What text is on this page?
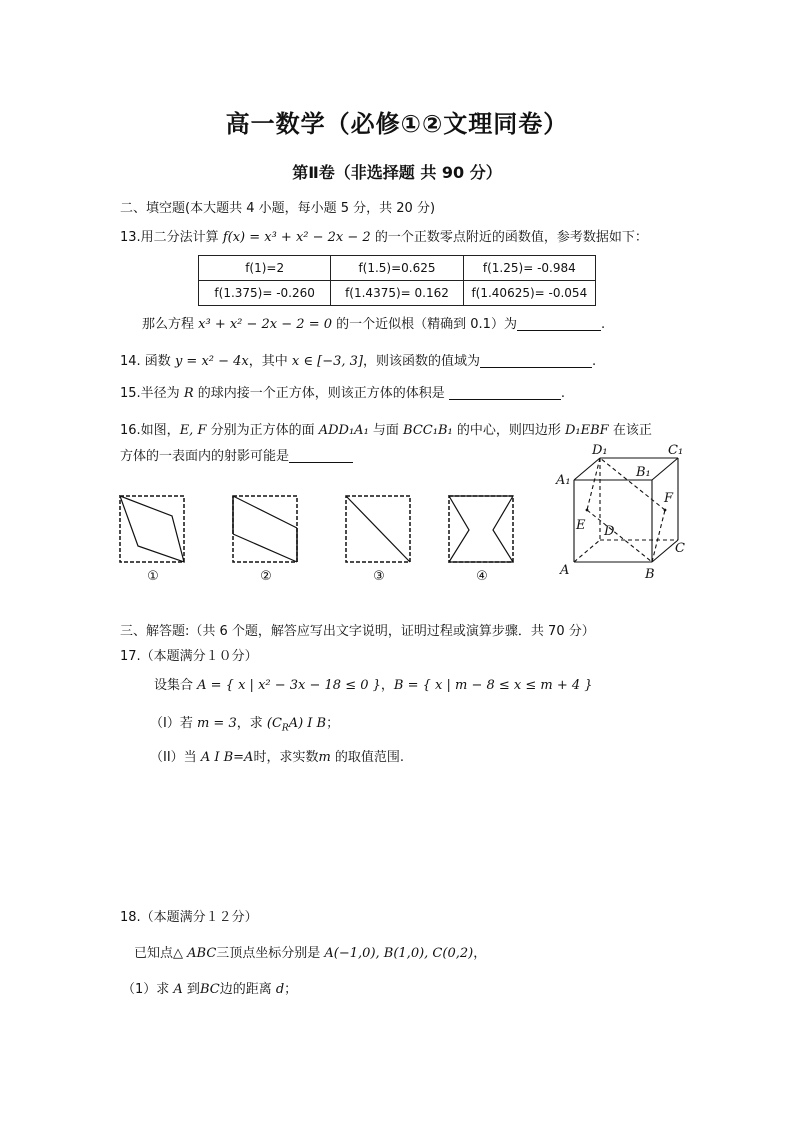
高一数学（必修①②文理同卷）
第Ⅱ卷（非选择题 共 90 分）
二、填空题(本大题共 4 小题，每小题 5 分，共 20 分)
13.用二分法计算 f(x) = x³ + x² − 2x − 2 的一个正数零点附近的函数值，参考数据如下：
f(1)=2	f(1.5)=0.625	f(1.25)= -0.984
f(1.375)= -0.260	f(1.4375)= 0.162	f(1.40625)= -0.054
那么方程 x³ + x² − 2x − 2 = 0 的一个近似根（精确到 0.1）为	.
14. 函数 y = x² − 4x，其中 x ∈ [−3, 3]，则该函数的值域为	.
15.半径为 R 的球内接一个正方体，则该正方体的体积是	.
16.如图，E, F 分别为正方体的面 ADD₁A₁ 与面 BCC₁B₁ 的中心，则四边形 D₁EBF 在该正
方体的一表面内的射影可能是
①	②	③	④
D₁	C₁
A₁
B₁
F
E D
C
A	B
三、解答题:（共 6 个题，解答应写出文字说明，证明过程或演算步骤．共 70 分）
17.（本题满分１０分）
设集合 A = { x | x² − 3x − 18 ≤ 0 }，B = { x | m − 8 ≤ x ≤ m + 4 }
（I）若 m = 3，求 $(C_RA)$ I B；
（II）当 A I B=A时，求实数m 的取值范围.
18.（本题满分１２分）
已知点△ ABC三顶点坐标分别是 A(−1,0), B(1,0), C(0,2)，
（1）求 A 到BC边的距离 d；
